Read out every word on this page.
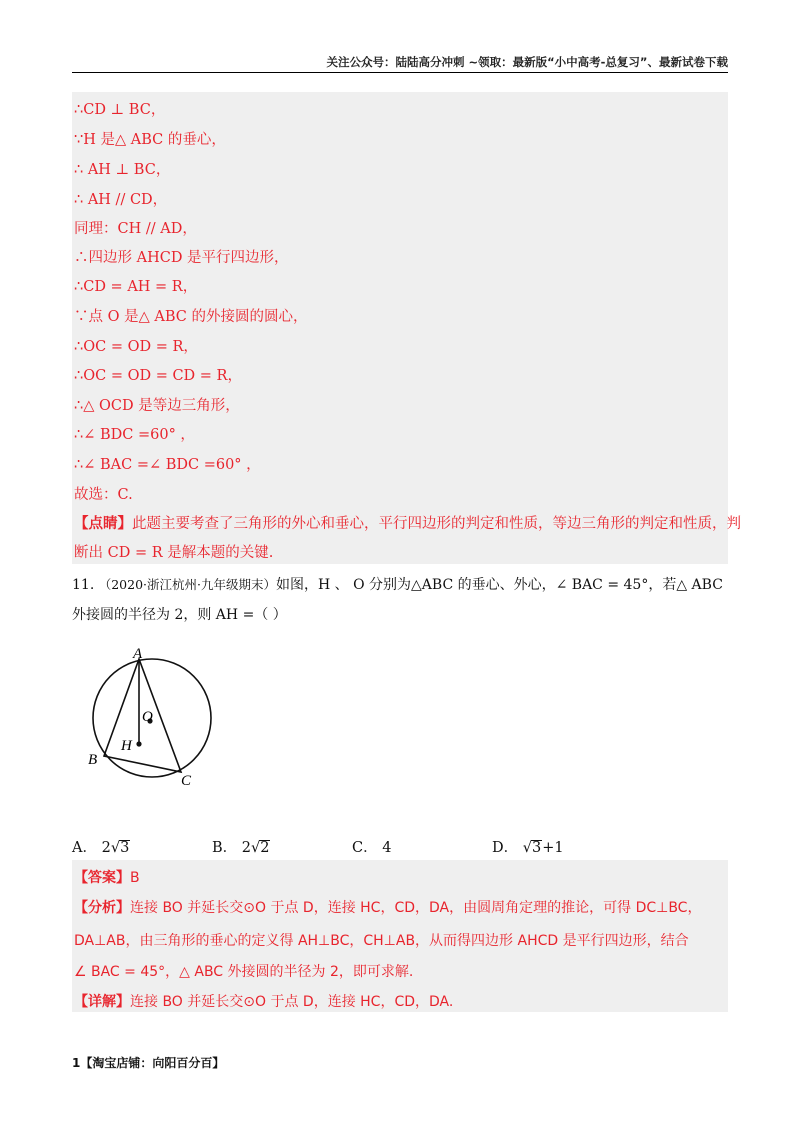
关注公众号：陆陆高分冲刺 ~领取：最新版“小中高考-总复习”、最新试卷下载
∴CD ⊥ BC，
∵H 是△ ABC 的垂心，
∴ AH ⊥ BC，
∴ AH // CD，
同理：CH // AD，
∴四边形 AHCD 是平行四边形，
∴CD = AH = R，
∵点 O 是△ ABC 的外接圆的圆心，
∴OC = OD = R，
∴OC = OD = CD = R，
∴△ OCD 是等边三角形，
∴∠ BDC =60° ，
∴∠ BAC =∠ BDC =60° ，
故选：C.
【点睛】此题主要考查了三角形的外心和垂心，平行四边形的判定和性质，等边三角形的判定和性质，判
断出 CD = R 是解本题的关键.
11. （2020·浙江杭州·九年级期末）如图，H 、 O 分别为△ABC 的垂心、外心，∠ BAC = 45°，若△ ABC
外接圆的半径为 2，则 AH =（ ）
A
B
C
O
H
A． 2√3	B． 2√2	C． 4	D． √3+1
【答案】B
【分析】连接 BO 并延长交⊙O 于点 D，连接 HC，CD，DA，由圆周角定理的推论，可得 DC⊥BC，
DA⊥AB，由三角形的垂心的定义得 AH⊥BC，CH⊥AB，从而得四边形 AHCD 是平行四边形，结合
∠ BAC = 45°，△ ABC 外接圆的半径为 2，即可求解.
【详解】连接 BO 并延长交⊙O 于点 D，连接 HC，CD，DA.
1【淘宝店铺：向阳百分百】
